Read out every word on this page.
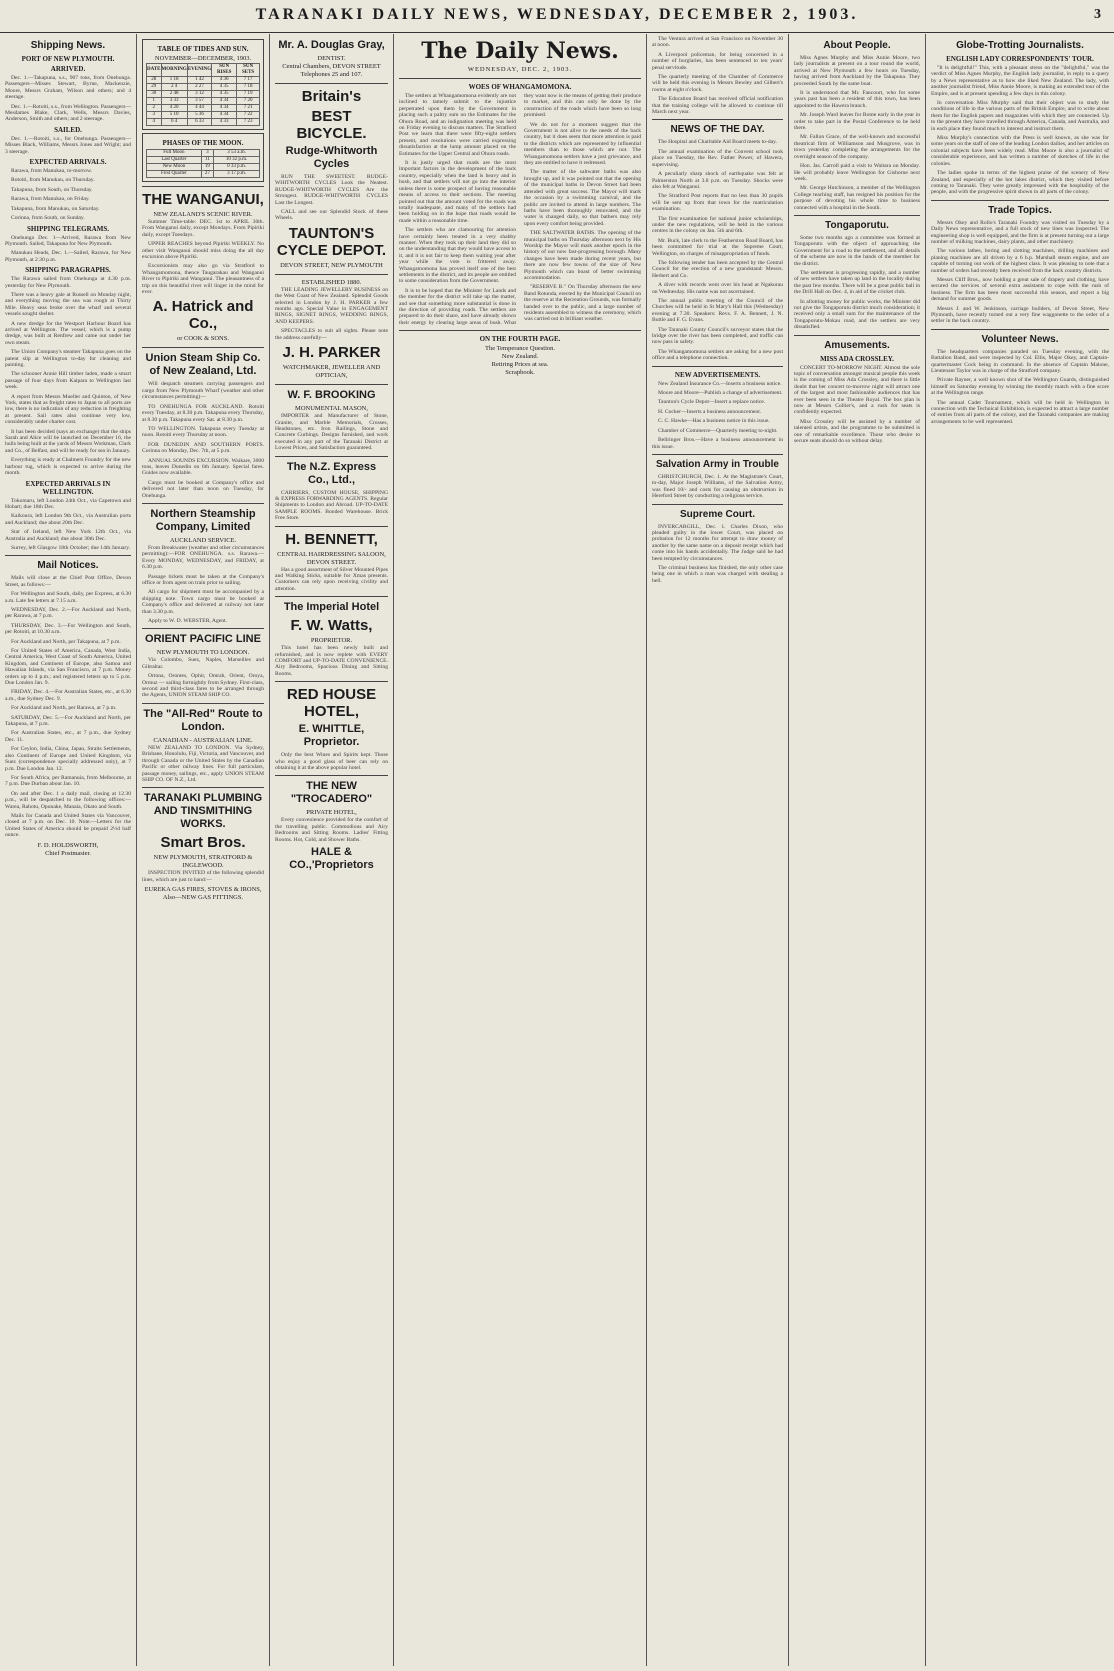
TARANAKI DAILY NEWS, WEDNESDAY, DECEMBER 2, 1903.	3
Shipping News.
PORT OF NEW PLYMOUTH.
ARRIVED.

Dec. 1.—Takapuna, s.s., 907 tons, from Onehunga. Passengers—Misses Stewart, Byrne, Mackenzie, Moore, Messrs Graham, Wilson and others; and 4 steerage.

Dec. 1.—Rotoiti, s.s., from Wellington. Passengers—Mesdames Blake, Clark, Wells, Messrs Davies, Anderson, Smith and others; and 2 steerage.

SAILED.

Dec. 1.—Rotoiti, s.s., for Onehunga. Passengers—Misses Black, Williams, Messrs Jones and Wright; and 3 steerage.

EXPECTED ARRIVALS.

Rarawa, from Manukau, to-morrow.

Rotoiti, from Manukau, on Thursday.

Takapuna, from South, on Thursday.

Rarawa, from Manukau, on Friday.

Takapuna, from Manukau, on Saturday.

Corinna, from South, on Sunday.

SHIPPING TELEGRAMS.

Onehunga Dec. 1—Arrived, Rarawa from New Plymouth. Sailed, Takapuna for New Plymouth.

Manukau Heads, Dec. 1.—Sailed, Rarawa, for New Plymouth, at 2.30 p.m.

SHIPPING PARAGRAPHS.

The Rarawa sailed from Onehunga at 4.30 p.m. yesterday for New Plymouth.

There was a heavy gale at Russell on Monday night, and everything moving the sea was rough at Thirty Mile. Heavy seas broke over the wharf and several vessels sought shelter.

A new dredge for the Westport Harbour Board has arrived at Wellington. The vessel, which is a pump dredge, was built at Renfrew and came out under her own steam.

The Union Company's steamer Takapuna goes on the patent slip at Wellington to-day for cleaning and painting.

The schooner Annie Hill timber laden, made a smart passage of four days from Kaipara to Wellington last week.

A report from Messrs Mueller and Quinton, of New York, states that as freight rates to Japan to all ports are low, there is no indication of any reduction in freighting at present. Sail rates also continue very low, considerably under charter cost.

It has been decided (says an exchange) that the ships Sarah and Alice will be launched on December 16, the hulls being built at the yards of Messrs Workman, Clark and Co., of Belfast, and will be ready for sea in January.

Everything is ready at Chalmers Foundry for the new harbour tug, which is expected to arrive during the month.

EXPECTED ARRIVALS IN WELLINGTON.

Tokomaru, left London 24th Oct., via Capetown and Hobart; due 18th Dec.

Kaikoura, left London 9th Oct., via Australian ports and Auckland; due about 20th Dec.

Star of Ireland, left New York 12th Oct., via Australia and Auckland; due about 30th Dec.

Surrey, left Glasgow 18th October; due 14th January.

Mail Notices.

Mails will close at the Chief Post Office, Devon Street, as follows:—

For Wellington and South, daily, per Express, at 6.30 a.m. Late fee letters at 7.15 a.m.

WEDNESDAY, Dec. 2.—For Auckland and North, per Rarawa, at 7 p.m.

THURSDAY, Dec. 3.—For Wellington and South, per Rotoiti, at 10.30 a.m.

For Auckland and North, per Takapuna, at 7 p.m.

For United States of America, Canada, West India, Central America, West Coast of South America, United Kingdom, and Continent of Europe, also Samoa and Hawaiian Islands, via San Francisco, at 7 p.m. Money orders up to 4 p.m.; and registered letters up to 5 p.m. Due London Jan. 9.

FRIDAY, Dec. 4.—For Australian States, etc., at 6.30 a.m., due Sydney Dec. 9.

For Auckland and North, per Rarawa, at 7 p.m.

SATURDAY, Dec. 5.—For Auckland and North, per Takapuna, at 7 p.m.

For Australian States, etc., at 7 p.m., due Sydney Dec. 11.

For Ceylon, India, China, Japan, Straits Settlements, also Continent of Europe and United Kingdom, via Suez (correspondence specially addressed only), at 7 p.m. Due London Jan. 12.

For South Africa, per Ramanuia, from Melbourne, at 7 p.m. Due Durban about Jan. 10.

On and after Dec. 1 a daily mail, closing at 12.30 p.m., will be despatched to the following offices:—Warea, Rahotu, Opunake, Manaia, Okato and South.

Mails for Canada and United States via Vancouver, closed at 7 p.m. on Dec. 10. Note.—Letters for the United States of America should be prepaid 2½d half ounce.

F. D. HOLDSWORTH,
Chief Postmaster.
TABLE OF TIDES AND SUN.
NOVEMBER—DECEMBER, 1903.
DATE	MORNING	EVENING	SUN RISES	SUN SETS
28	1 18	1 42	4 36	7 17
29	2 4	2 27	4 35	7 18
30	2 48	3 12	4 35	7 19
1	3 33	3 57	4 34	7 20
2	4 20	4 44	4 34	7 21
3	5 10	5 36	4 34	7 22
4	6 4	6 33	4 33	7 23
PHASES OF THE MOON.
Full Moon	3	3 53 a.m.
Last Quarter	11	10 32 p.m.
New Moon	19	0 33 p.m.
First Quarter	27	3 17 p.m.
THE WANGANUI,
NEW ZEALAND'S SCENIC RIVER.

Summer Time-table: DEC. 1st to APRIL 30th. From Wanganui daily, except Mondays. From Pipiriki daily, except Tuesdays.

UPPER REACHES beyond Pipiriki WEEKLY. No other visit Wanganui should miss doing the all day excursion above Pipiriki.

Excursionists may also go via Stratford to Whangamomona, thence Taugarakau and Wanganui River to Pipiriki and Wanganui. The pleasantness of a trip on this beautiful river will linger in the mind for ever.

A. Hatrick and Co.,
or COOK & SONS.
Union Steam Ship Co. of New Zealand, Ltd.

Will despatch steamers carrying passengers and cargo from New Plymouth Wharf (weather and other circumstances permitting)—

TO ONEHUNGA FOR AUCKLAND. Rotoiti every Tuesday, at 8.30 p.m. Takapuna every Thursday, at 8.30 p.m. Takapuna every Sat. at 8.30 p.m.

TO WELLINGTON. Takapuna every Tuesday at noon. Rotoiti every Thursday at noon.

FOR DUNEDIN AND SOUTHERN PORTS. Corinna on Monday, Dec. 7th, at 5 p.m.

ANNUAL SOUNDS EXCURSION. Waikare, 3000 tons, leaves Dunedin on 6th January. Special fares. Guides now available.

Cargo must be booked at Company's office and delivered not later than noon on Tuesday, for Onehunga.

Northern Steamship Company, Limited
AUCKLAND SERVICE.

From Breakwater (weather and other circumstances permitting):—FOR ONEHUNGA. s.s. Rarawa.—Every MONDAY, WEDNESDAY, and FRIDAY, at 6.30 p.m.

Passage tickets must be taken at the Company's office or from agent on train prior to sailing.

All cargo for shipment must be accompanied by a shipping note. Town cargo must be booked at Company's office and delivered at railway not later than 3.30 p.m.

Apply to W. D. WEBSTER, Agent.

ORIENT PACIFIC LINE
NEW PLYMOUTH TO LONDON.

Via Colombo, Suez, Naples, Marseilles and Gibraltar.

Ortona, Orontes, Ophir, Omrah, Orient, Oroya, Ormuz — sailing fortnightly from Sydney. First-class, second and third-class fares to be arranged through the Agents, UNION STEAM SHIP CO.

The "All-Red" Route to London.
CANADIAN - AUSTRALIAN LINE.

NEW ZEALAND TO LONDON. Via Sydney, Brisbane, Honolulu, Fiji, Victoria, and Vancouver, and through Canada or the United States by the Canadian Pacific or other railway lines. For full particulars, passage money, sailings, etc., apply UNION STEAM SHIP CO. OF N.Z., Ltd.

TARANAKI PLUMBING AND TINSMITHING WORKS.
Smart Bros.
NEW PLYMOUTH, STRATFORD & INGLEWOOD.

INSPECTION INVITED of the following splendid lines, which are just to hand:—

EUREKA GAS FIRES, STOVES & IRONS,
Also—NEW GAS FITTINGS.
Mr. A. Douglas Gray,
DENTIST.
Central Chambers, DEVON STREET
Telephones 25 and 107.
Britain's
BEST BICYCLE.
Rudge-Whitworth Cycles

RUN THE SWEETEST. RUDGE-WHITWORTH CYCLES Look the Neatest. RUDGE-WHITWORTH CYCLES Are the Strongest. RUDGE-WHITWORTH CYCLES Last the Longest.

CALL and see our Splendid Stock of these Wheels.

TAUNTON'S CYCLE DEPOT.
DEVON STREET, NEW PLYMOUTH
ESTABLISHED 1880.

THE LEADING JEWELLERY BUSINESS on the West Coast of New Zealand. Splendid Goods selected in London by J. H. PARKER a few months ago. Special Value in ENGAGEMENT RINGS, SIGNET RINGS, WEDDING RINGS, AND KEEPERS.

SPECTACLES to suit all sights. Please note the address carefully—

J. H. PARKER
WATCHMAKER, JEWELLER AND OPTICIAN,
W. F. BROOKING
MONUMENTAL MASON,

IMPORTER and Manufacturer of Stone, Granite, and Marble Memorials, Crosses, Headstones, etc. Iron Railings, Stone and Concrete Curbings. Designs furnished, and work executed in any part of the Taranaki District at Lowest Prices, and Satisfaction guaranteed.

The N.Z. Express Co., Ltd.,

CARRIERS, CUSTOM HOUSE, SHIPPING & EXPRESS FORWARDING AGENTS. Regular Shipments to London and Abroad. UP-TO-DATE SAMPLE ROOMS. Bonded Warehouse. Brick Free Store.

H. BENNETT,
CENTRAL HAIRDRESSING SALOON, DEVON STREET.

Has a good assortment of Silver Mounted Pipes and Walking Sticks, suitable for Xmas presents. Customers can rely upon receiving civility and attention.

The Imperial Hotel
F. W. Watts,
PROPRIETOR.

This hotel has been newly built and refurnished, and is now replete with EVERY COMFORT and UP-TO-DATE CONVENIENCE. Airy Bedrooms, Spacious Dining and Sitting Rooms.

RED HOUSE HOTEL,
E. WHITTLE, Proprietor.

Only the best Wines and Spirits kept. Those who enjoy a good glass of beer can rely on obtaining it at the above popular hotel.

THE NEW "TROCADERO"
PRIVATE HOTEL,

Every convenience provided for the comfort of the travelling public. Commodious and Airy Bedrooms and Sitting Rooms. Ladies' Fitting Rooms. Hot, Cold, and Shower Baths.

HALE & CO.,'Proprietors
The Daily News.
WEDNESDAY, DEC. 2, 1903.
WOES OF WHANGAMOMONA.

The settlers at Whangamomona evidently are not inclined to tamely submit to the injustice perpetrated upon them by the Government in placing such a paltry sum on the Estimates for the Ohura Road, and an indignation meeting was held on Friday evening to discuss matters. The Stratford Post we learn that there were fifty-eight settlers present, and resolutions were carried expressing dissatisfaction at the lump amount placed on the Estimates for the Upper Central and Ohura roads.

It is justly urged that roads are the most important factors in the development of the back country, especially when the land is heavy and in bush, and that settlers will not go into the interior unless there is some prospect of having reasonable means of access to their sections. The meeting pointed out that the amount voted for the roads was totally inadequate, and many of the settlers had been holding on in the hope that roads would be made within a reasonable time.

The settlers who are clamouring for attention have certainly been treated in a very shabby manner. When they took up their land they did so on the understanding that they would have access to it, and it is not fair to keep them waiting year after year while the vote is frittered away. Whangamomona has proved itself one of the best settlements in the district, and its people are entitled to some consideration from the Government.

It is to be hoped that the Minister for Lands and the member for the district will take up the matter, and see that something more substantial is done in the direction of providing roads. The settlers are prepared to do their share, and have already shown their energy by clearing large areas of bush. What they want now is the means of getting their produce to market, and this can only be done by the construction of the roads which have been so long promised.

We do not for a moment suggest that the Government is not alive to the needs of the back country, but it does seem that more attention is paid to the districts which are represented by influential members than to those which are not. The Whangamomona settlers have a just grievance, and they are entitled to have it redressed.

The matter of the saltwater baths was also brought up, and it was pointed out that the opening of the municipal baths in Devon Street had been attended with great success. The Mayor will mark the occasion by a swimming carnival, and the public are invited to attend in large numbers. The baths have been thoroughly renovated, and the water is changed daily, so that bathers may rely upon every comfort being provided.

THE SALTWATER BATHS. The opening of the municipal baths on Thursday afternoon next by His Worship the Mayor will mark another epoch in the history of our now fast-progressing borough. Many changes have been made during recent years, but there are now few towns of the size of New Plymouth which can boast of better swimming accommodation.

"RESERVE B." On Thursday afternoon the new Band Rotunda, erected by the Municipal Council on the reserve at the Recreation Grounds, was formally handed over to the public, and a large number of residents assembled to witness the ceremony, which was carried out in brilliant weather.

ON THE FOURTH PAGE.
The Temperance Question.
New Zealand.
Retiring Prices at sea.
Scrapbook.

The Ventura arrived at San Francisco on November 30 at noon.

A Liverpool policeman, for being concerned in a number of burglaries, has been sentenced to ten years' penal servitude.

The quarterly meeting of the Chamber of Commerce will be held this evening in Messrs Bewley and Gilbert's rooms at eight o'clock.

The Education Board has received official notification that the training college will be allowed to continue till March next year.

NEWS OF THE DAY.

The Hospital and Charitable Aid Board meets to-day.

The annual examination of the Convent school took place on Tuesday, the Rev. Father Power, of Hawera, supervising.

A peculiarly sharp shock of earthquake was felt at Palmerston North at 3.8 p.m. on Tuesday. Shocks were also felt at Wanganui.

The Stratford Post reports that no less than 30 pupils will be sent up from that town for the matriculation examination.

The first examination for national junior scholarships, under the new regulations, will be held in the various centres in the colony on Jan. 5th and 6th.

Mr. Buck, late clerk to the Featherston Road Board, has been committed for trial at the Supreme Court, Wellington, on charges of misappropriation of funds.

The following tender has been accepted by the Central Council for the erection of a new grandstand: Messrs. Herbert and Co.

A diver with records went over his head at Ngakurau on Wednesday. His name was not ascertained.

The annual public meeting of the Council of the Churches will be held in St Mary's Hall this (Wednesday) evening at 7.30. Speakers: Revs. F. A. Bennett, J. N. Buttle and F. G. Evans.

The Taranaki County Council's surveyor states that the bridge over the river has been completed, and traffic can now pass in safety.

The Whangamomona settlers are asking for a new post office and a telephone connection.

NEW ADVERTISEMENTS.

New Zealand Insurance Co.—Inserts a business notice.

Moore and Moore—Publish a change of advertisement.

Taunton's Cycle Depot—Insert a replace notice.

H. Cocker—Inserts a business announcement.

C. C. Hawke—Has a business notice in this issue.

Chamber of Commerce—Quarterly meeting to-night.

Bellringer Bros.—Have a business announcement in this issue.

Salvation Army in Trouble

CHRISTCHURCH, Dec. 1. At the Magistrate's Court, to-day, Major Joseph Williams, of the Salvation Army, was fined 10/- and costs for causing an obstruction in Hereford Street by conducting a religious service.

Supreme Court.

INVERCARGILL, Dec. 1. Charles Dixon, who pleaded guilty in the lower Court, was placed on probation for 12 months for attempt to draw money of another by the same name on a deposit receipt which had come into his hands accidentally. The Judge said he had been tempted by circumstances.

The criminal business has finished, the only other case being one in which a man was charged with stealing a bell.

About People.

Miss Agnes Murphy and Miss Annie Moore, two lady journalists at present on a tour round the world, arrived at New Plymouth a few hours on Tuesday, having arrived from Auckland by the Takapuna. They proceeded South by the same boat.

It is understood that Mr. Fancourt, who for some years past has been a resident of this town, has been appointed to the Hawera branch.

Mr. Joseph Ward leaves for Rome early in the year in order to take part in the Postal Conference to be held there.

Mr. Fallon Grace, of the well-known and successful theatrical firm of Williamson and Musgrove, was in town yesterday completing the arrangements for the overnight season of the company.

Hon. Jas. Carroll paid a visit to Waitara on Monday. He will probably leave Wellington for Gisborne next week.

Mr. George Hutchinson, a member of the Wellington College teaching staff, has resigned his position for the purpose of devoting his whole time to business connected with a hospital in the South.

Tongaporutu.

Some two months ago a committee was formed at Tongaporutu with the object of approaching the Government for a road to the settlement, and all details of the scheme are now in the hands of the member for the district.

The settlement is progressing rapidly, and a number of new settlers have taken up land in the locality during the past few months. There will be a great public ball in the Drill Hall on Dec. 4, in aid of the cricket club.

In allotting money for public works, the Minister did not give the Tongaporutu district much consideration; it received only a small sum for the maintenance of the Tongaporutu-Mokau road, and the settlers are very dissatisfied.

Amusements.
MISS ADA CROSSLEY.

CONCERT TO-MORROW NIGHT. Almost the sole topic of conversation amongst musical people this week is the coming of Miss Ada Crossley, and there is little doubt that her concert to-morrow night will attract one of the largest and most fashionable audiences that has ever been seen in the Theatre Royal. The box plan is now at Messrs Collier's, and a rush for seats is confidently expected.

Miss Crossley will be assisted by a number of talented artists, and the programme to be submitted is one of remarkable excellence. Those who desire to secure seats should do so without delay.

Globe-Trotting Journalists.
ENGLISH LADY CORRESPONDENTS' TOUR.

"It is delightful!" This, with a pleasant stress on the "delightful," was the verdict of Miss Agnes Murphy, the English lady journalist, in reply to a query by a News representative as to how she liked New Zealand. The lady, with another journalist friend, Miss Annie Moore, is making an extended tour of the Empire, and is at present spending a few days in this colony.

In conversation Miss Murphy said that their object was to study the conditions of life in the various parts of the British Empire, and to write about them for the English papers and magazines with which they are connected. Up to the present they have travelled through America, Canada, and Australia, and in each place they found much to interest and instruct them.

Miss Murphy's connection with the Press is well known, as she was for some years on the staff of one of the leading London dailies, and her articles on colonial subjects have been widely read. Miss Moore is also a journalist of considerable experience, and has written a number of sketches of life in the colonies.

The ladies spoke in terms of the highest praise of the scenery of New Zealand, and especially of the hot lakes district, which they visited before coming to Taranaki. They were greatly impressed with the hospitality of the people, and with the progressive spirit shown in all parts of the colony.

Trade Topics.

Messrs Okey and Rollo's Taranaki Foundry was visited on Tuesday by a Daily News representative, and a full stock of new lines was inspected. The engineering shop is well equipped, and the firm is at present turning out a large number of milking machines, dairy plants, and other machinery.

The various lathes, boring and slotting machines, drilling machines and planing machines are all driven by a 6 h.p. Marshall steam engine, and are capable of turning out work of the highest class. It was pleasing to note that a number of orders had recently been received from the back country districts.

Messrs Cliff Bros., now holding a great sale of drapery and clothing, have secured the services of several extra assistants to cope with the rush of business. The firm has been most successful this season, and report a big demand for summer goods.

Messrs J. and W. Jenkinson, carriage builders, of Devon Street, New Plymouth, have recently turned out a very fine waggonette to the order of a settler in the back country.

Volunteer News.

The headquarters companies paraded on Tuesday evening, with the Battalion Band, and were inspected by Col. Ellis, Major Okey, and Captain-quartermaster Cock being in command. In the absence of Captain Malone, Lieutenant Taylor was in charge of the Stratford company.

Private Rayner, a well known shot of the Wellington Guards, distinguished himself on Saturday evening by winning the monthly match with a fine score at the Wellington range.

The annual Cadet Tournament, which will be held in Wellington in connection with the Technical Exhibition, is expected to attract a large number of entries from all parts of the colony, and the Taranaki companies are making arrangements to be well represented.
